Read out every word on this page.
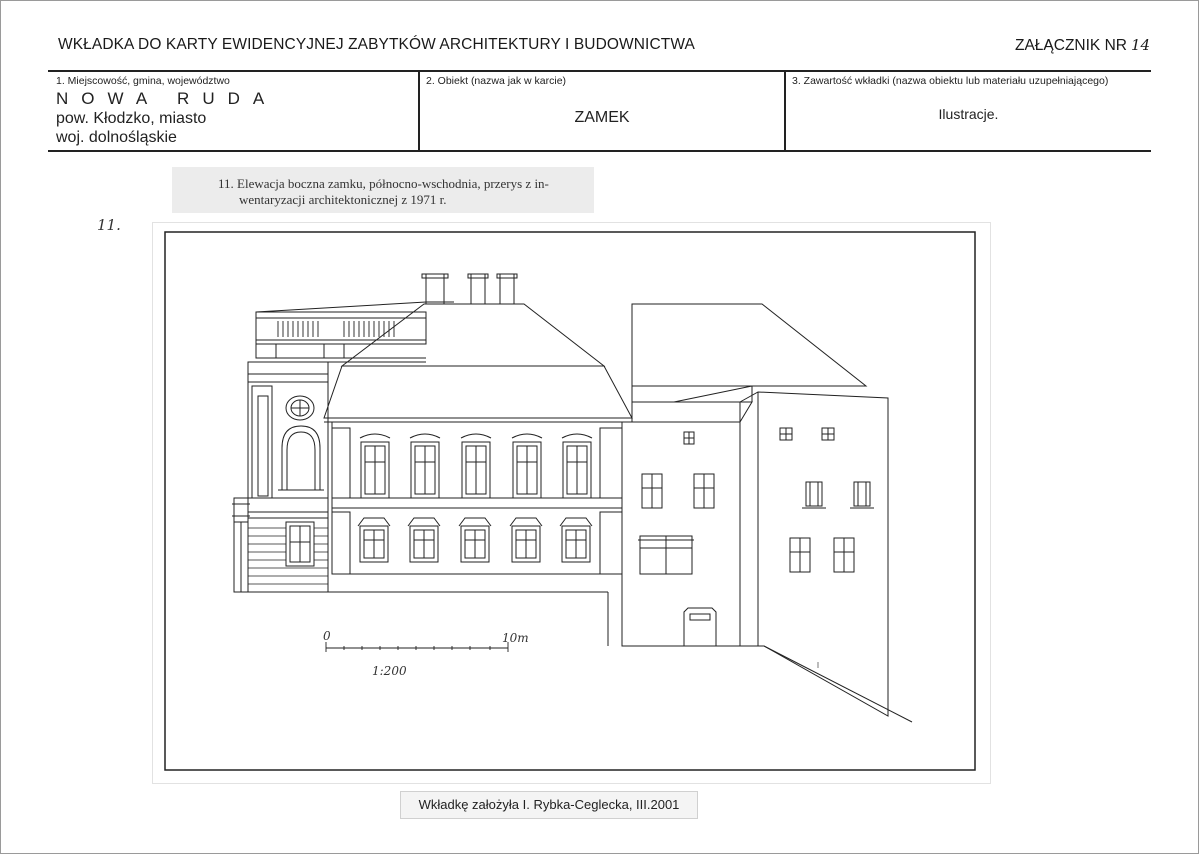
WKŁADKA DO KARTY EWIDENCYJNEJ ZABYTKÓW ARCHITEKTURY I BUDOWNICTWA	ZAŁĄCZNIK NR 14
1. Miejscowość, gmina, województwo
NOWA RUDA
pow. Kłodzko, miasto
woj. dolnośląskie
2. Obiekt (nazwa jak w karcie)
ZAMEK
3. Zawartość wkładki (nazwa obiektu lub materiału uzupełniającego)
Ilustracje.
11. Elewacja boczna zamku, północno-wschodnia, przerys z in-
wentaryzacji architektonicznej z 1971 r.
11.
0	10m
1:200
Wkładkę założyła I. Rybka-Ceglecka, III.2001
